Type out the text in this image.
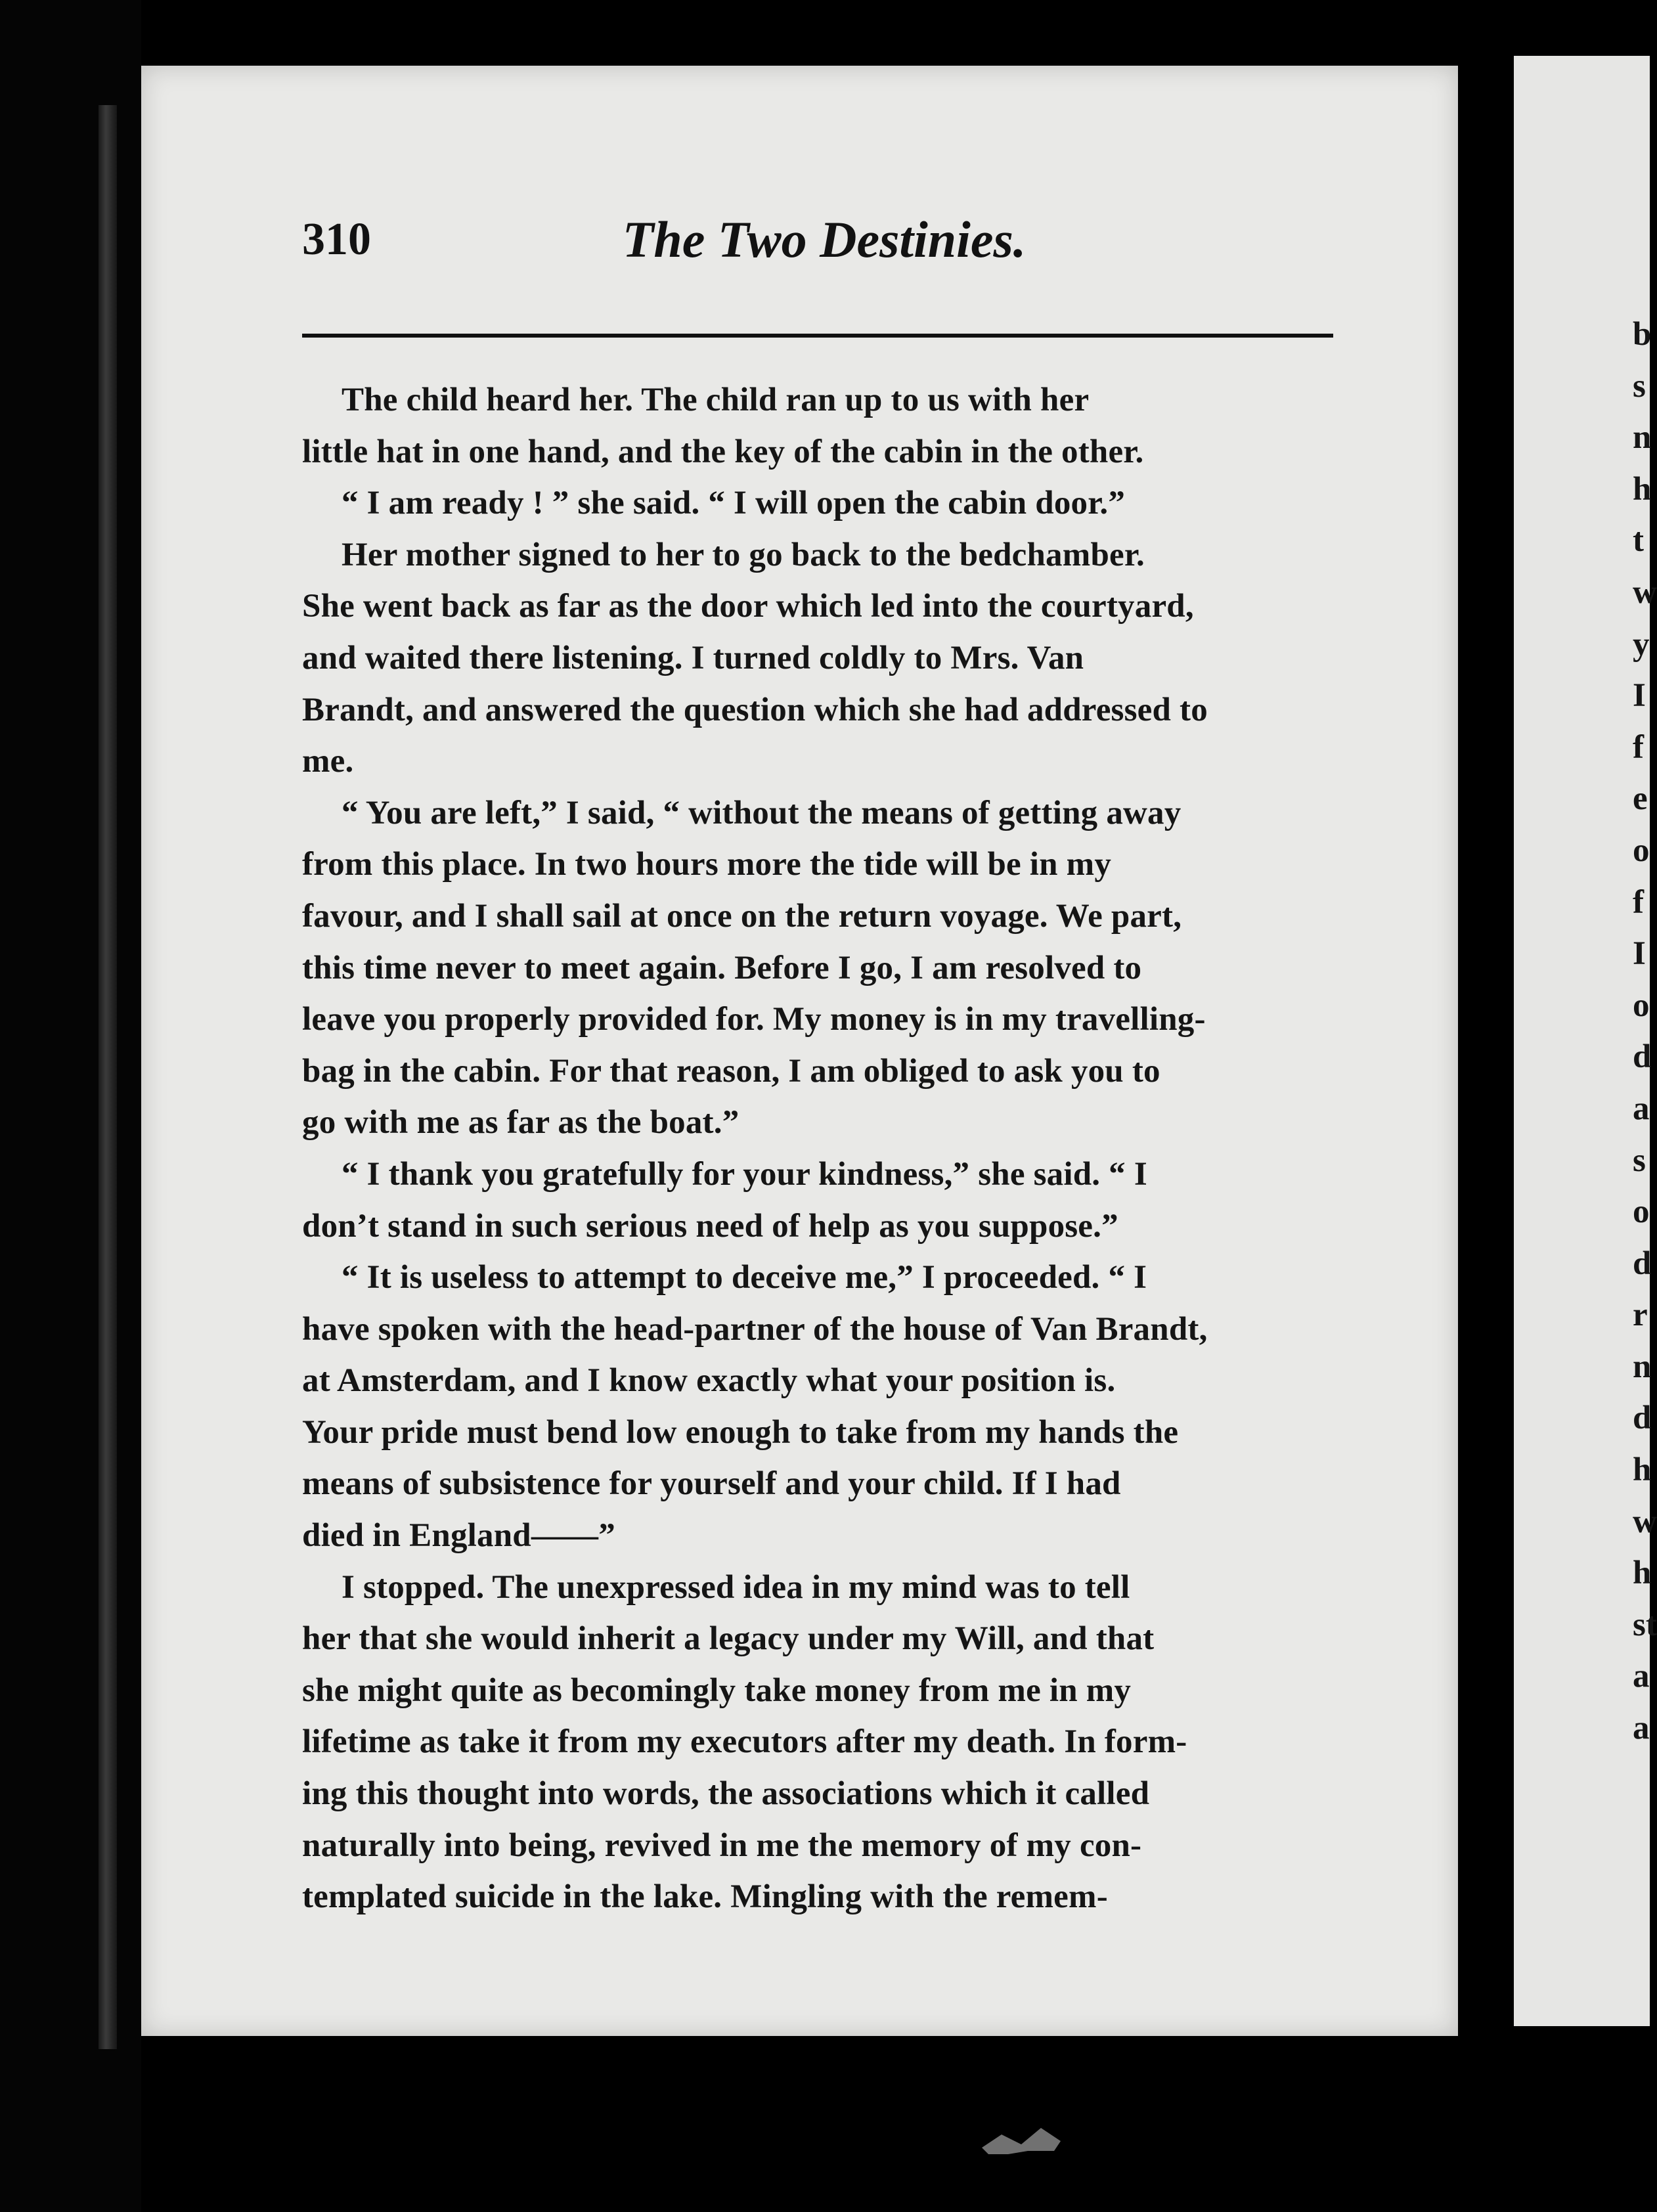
310	The Two Destinies.
The child heard her. The child ran up to us with her
little hat in one hand, and the key of the cabin in the other.
“ I am ready ! ” she said. “ I will open the cabin door.”
Her mother signed to her to go back to the bedchamber.
She went back as far as the door which led into the courtyard,
and waited there listening. I turned coldly to Mrs. Van
Brandt, and answered the question which she had addressed to
me.
“ You are left,” I said, “ without the means of getting away
from this place. In two hours more the tide will be in my
favour, and I shall sail at once on the return voyage. We part,
this time never to meet again. Before I go, I am resolved to
leave you properly provided for. My money is in my travelling-
bag in the cabin. For that reason, I am obliged to ask you to
go with me as far as the boat.”
“ I thank you gratefully for your kindness,” she said. “ I
don’t stand in such serious need of help as you suppose.”
“ It is useless to attempt to deceive me,” I proceeded. “ I
have spoken with the head-partner of the house of Van Brandt,
at Amsterdam, and I know exactly what your position is.
Your pride must bend low enough to take from my hands the
means of subsistence for yourself and your child. If I had
died in England——”
I stopped. The unexpressed idea in my mind was to tell
her that she would inherit a legacy under my Will, and that
she might quite as becomingly take money from me in my
lifetime as take it from my executors after my death. In form-
ing this thought into words, the associations which it called
naturally into being, revived in me the memory of my con-
templated suicide in the lake. Mingling with the remem-
b
s
n
h
t
w
y
I
f
e
o
f
I
o
d
a
s
o
d
r
n
d
h
w
h
st
a
a
